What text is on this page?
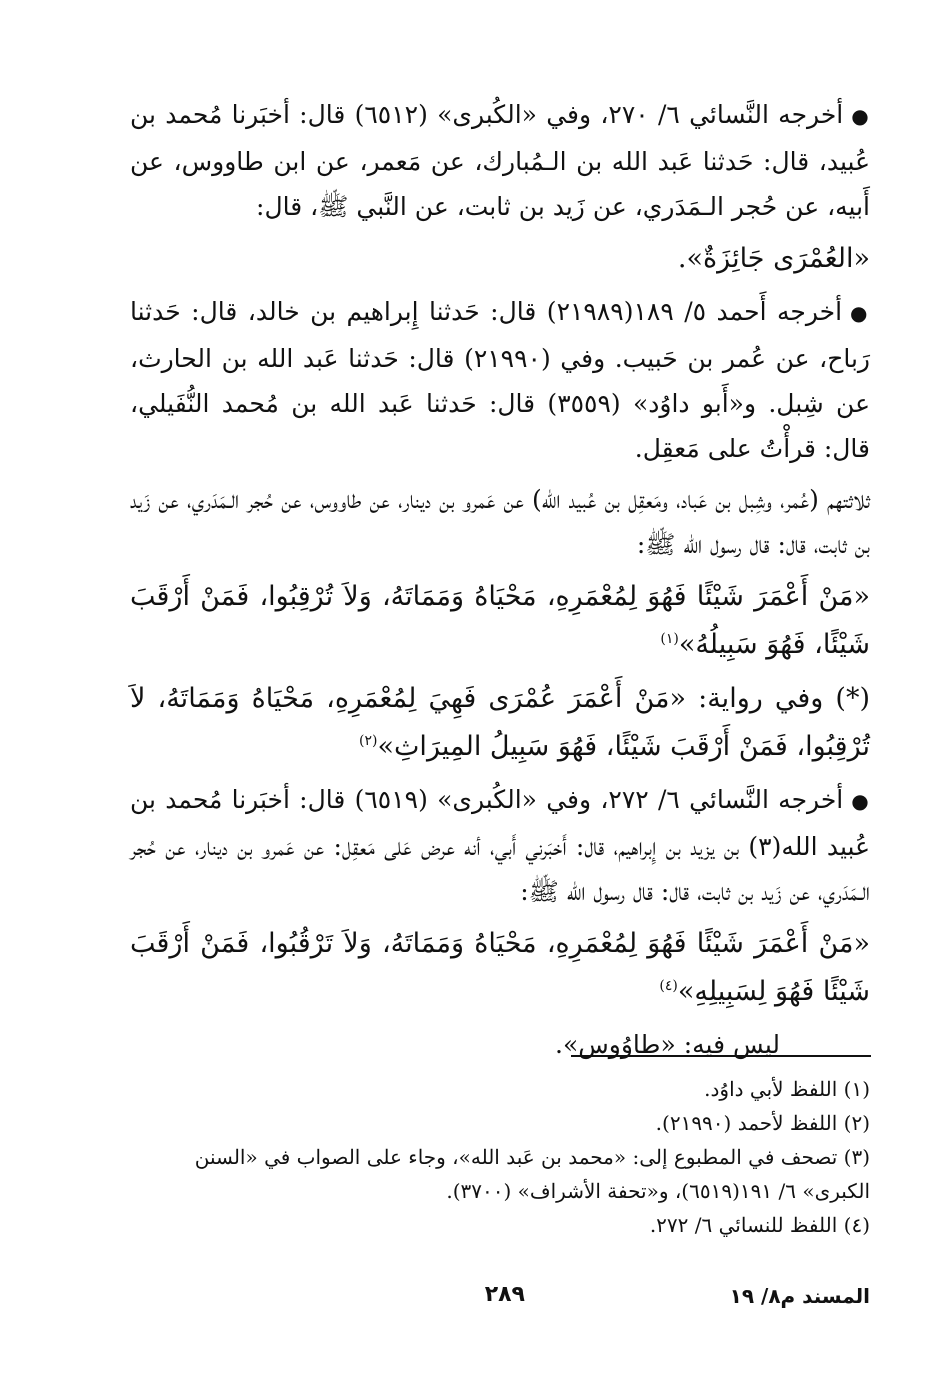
●أخرجه النَّسائي ٦/ ٢٧٠، وفي «الكُبرى» (٦٥١٢) قال: أخبَرنا مُحمد بن عُبيد، قال: حَدثنا عَبد الله بن الـمُبارك، عن مَعمر، عن ابن طاووس، عن أَبيه، عن حُجر الـمَدَري، عن زَيد بن ثابت، عن النَّبي ﷺ، قال:

«العُمْرَى جَائِزَةٌ».

●أخرجه أَحمد ٥/ ١٨٩(٢١٩٨٩) قال: حَدثنا إِبراهيم بن خالد، قال: حَدثنا رَباح، عن عُمر بن حَبيب. وفي (٢١٩٩٠) قال: حَدثنا عَبد الله بن الحارث، عن شِبل. و«أَبو داوُد» (٣٥٥٩) قال: حَدثنا عَبد الله بن مُحمد النُّفَيلي، قال: قرأْتُ على مَعقِل.

ثلاثتهم (عُمر، وشِبل بن عَباد، ومَعقِل بن عُبيد الله) عن عَمرو بن دينار، عن طاووس، عن حُجر الـمَدَري، عن زَيد بن ثابت، قال: قال رسول الله ﷺ:

«مَنْ أَعْمَرَ شَيْئًا فَهُوَ لِمُعْمَرِهِ، مَحْيَاهُ وَمَمَاتَهُ، وَلاَ تُرْقِبُوا، فَمَنْ أَرْقَبَ شَيْئًا، فَهُوَ سَبِيلُهُ»$^{(١)}$

(*) وفي رواية: «مَنْ أَعْمَرَ عُمْرَى فَهِيَ لِمُعْمَرِهِ، مَحْيَاهُ وَمَمَاتَهُ، لاَ تُرْقِبُوا، فَمَنْ أَرْقَبَ شَيْئًا، فَهُوَ سَبِيلُ المِيرَاثِ»$^{(٢)}$

●أخرجه النَّسائي ٦/ ٢٧٢، وفي «الكُبرى» (٦٥١٩) قال: أخبَرنا مُحمد بن عُبيد الله(٣) بن يزيد بن إِبراهيم، قال: أَخبَرني أَبي، أنه عرض عَلى مَعقِل: عن عَمرو بن دينار، عن حُجر الـمَدَري، عن زَيد بن ثابت، قال: قال رسول الله ﷺ:

«مَنْ أَعْمَرَ شَيْئًا فَهُوَ لِمُعْمَرِهِ، مَحْيَاهُ وَمَمَاتَهُ، وَلاَ تَرْقُبُوا، فَمَنْ أَرْقَبَ شَيْئًا فَهُوَ لِسَبِيلِهِ»$^{(٤)}$

ليس فيه: «طاوُوس».

(١) اللفظ لأبي داوُد.

(٢) اللفظ لأحمد (٢١٩٩٠).

(٣) تصحف في المطبوع إلى: «محمد بن عَبد الله»، وجاء على الصواب في «السنن الكبرى» ٦/ ١٩١(٦٥١٩)، و«تحفة الأشراف» (٣٧٠٠).

(٤) اللفظ للنسائي ٦/ ٢٧٢.

المسند م٨/ ١٩
٢٨٩
